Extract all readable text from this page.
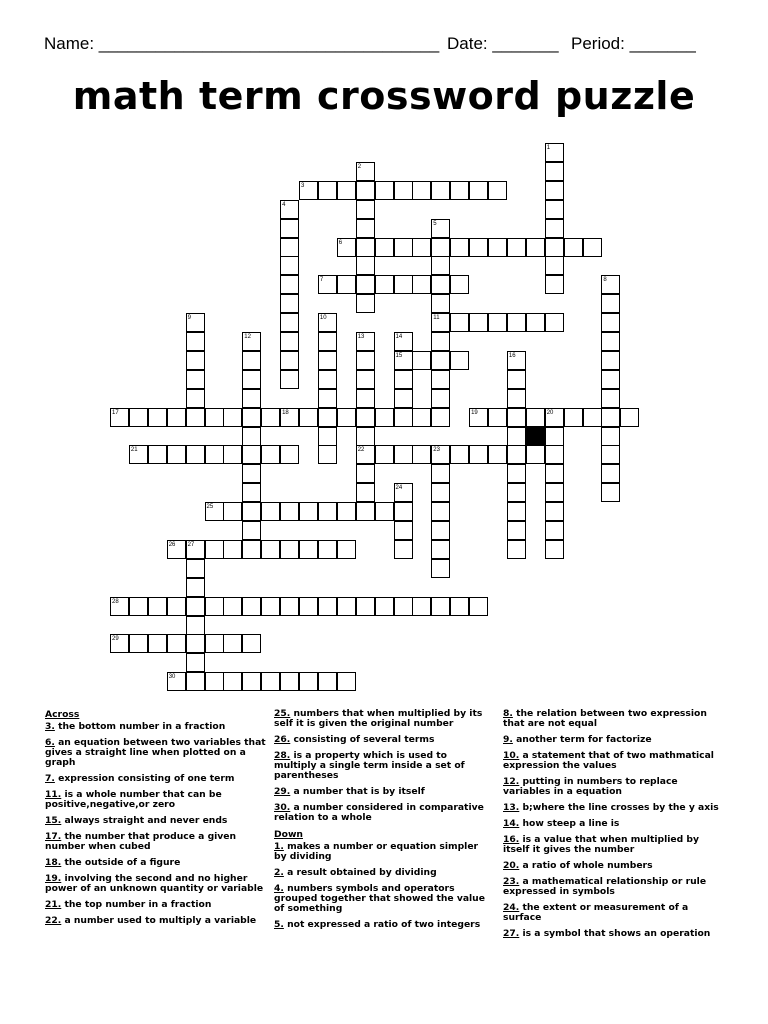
Name: ____________________________________ Date: _______ Period: _______
math term crossword puzzle
3
6
7
11
15
17	18	19	20
21	22	23
25
26 27
28
29
30
1
2
4
5
8
9	10
12	13	14
16
24
Across
3. the bottom number in a fraction
6. an equation between two variables that gives a straight line when plotted on a graph
7. expression consisting of one term
11. is a whole number that can be positive,negative,or zero
15. always straight and never ends
17. the number that produce a given number when cubed
18. the outside of a figure
19. involving the second and no higher power of an unknown quantity or variable
21. the top number in a fraction
22. a number used to multiply a variable
25. numbers that when multiplied by its self it is given the original number
26. consisting of several terms
28. is a property which is used to multiply a single term inside a set of parentheses
29. a number that is by itself
30. a number considered in comparative relation to a whole
Down
1. makes a number or equation simpler by dividing
2. a result obtained by dividing
4. numbers symbols and operators grouped together that showed the value of something
5. not expressed a ratio of two integers
8. the relation between two expression that are not equal
9. another term for factorize
10. a statement that of two mathmatical expression the values
12. putting in numbers to replace variables in a equation
13. b;where the line crosses by the y axis
14. how steep a line is
16. is a value that when multiplied by itself it gives the number
20. a ratio of whole numbers
23. a mathematical relationship or rule expressed in symbols
24. the extent or measurement of a surface
27. is a symbol that shows an operation
